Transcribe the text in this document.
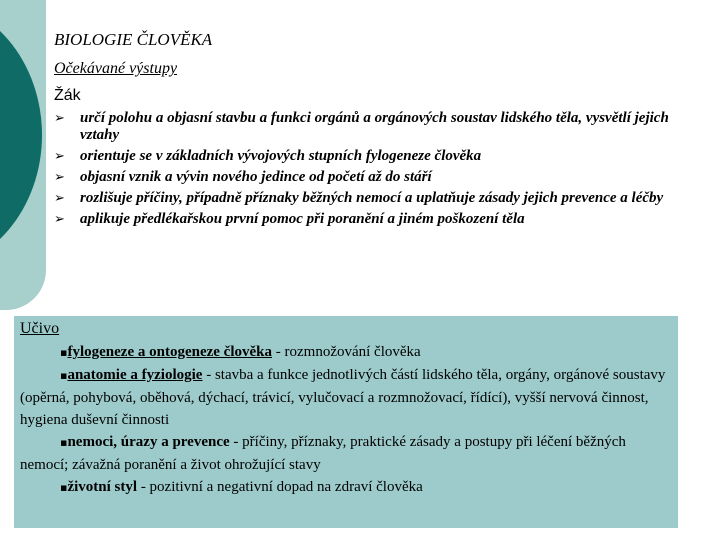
BIOLOGIE ČLOVĚKA
Očekávané výstupy
Žák
➢ určí polohu a objasní stavbu a funkci orgánů a orgánových soustav lidského těla, vysvětlí jejich vztahy
➢ orientuje se v základních vývojových stupních fylogeneze člověka
➢ objasní vznik a vývin nového jedince od početí až do stáří
➢ rozlišuje příčiny, případně příznaky běžných nemocí a uplatňuje zásady jejich prevence a léčby
➢ aplikuje předlékařskou první pomoc při poranění a jiném poškození těla
Učivo

▪fylogeneze a ontogeneze člověka - rozmnožování člověka

▪anatomie a fyziologie - stavba a funkce jednotlivých částí lidského těla, orgány, orgánové soustavy (opěrná, pohybová, oběhová, dýchací, trávicí, vylučovací a rozmnožovací, řídící), vyšší nervová činnost, hygiena duševní činnosti

▪nemoci, úrazy a prevence - příčiny, příznaky, praktické zásady a postupy při léčení běžných nemocí; závažná poranění a život ohrožující stavy

▪životní styl - pozitivní a negativní dopad na zdraví člověka
